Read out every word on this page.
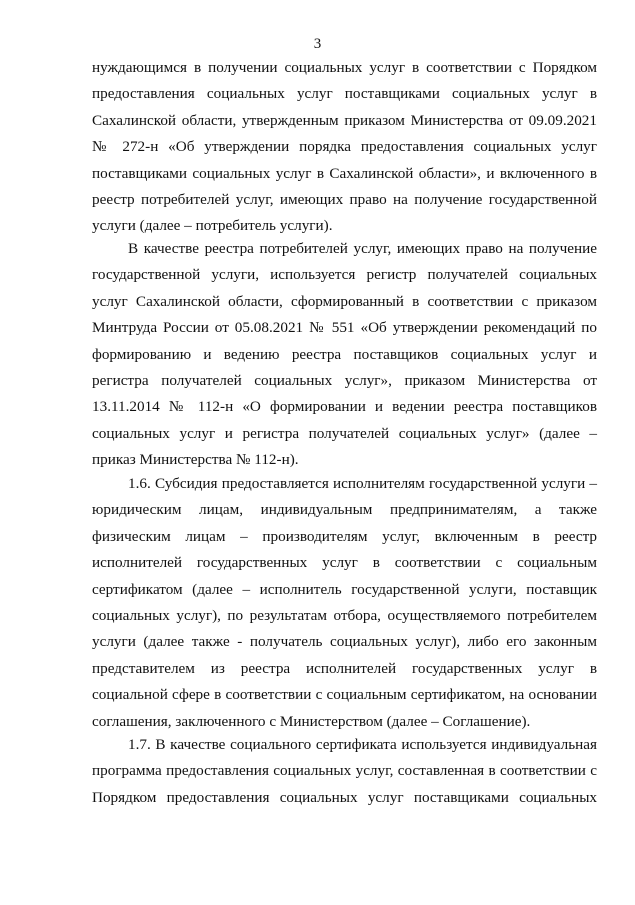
3

нуждающимся в получении социальных услуг в соответствии с Порядком предоставления социальных услуг поставщиками социальных услуг в Сахалинской области, утвержденным приказом Министерства от 09.09.2021 № 272-н «Об утверждении порядка предоставления социальных услуг поставщиками социальных услуг в Сахалинской области», и включенного в реестр потребителей услуг, имеющих право на получение государственной услуги (далее – потребитель услуги).

В качестве реестра потребителей услуг, имеющих право на получение государственной услуги, используется регистр получателей социальных услуг Сахалинской области, сформированный в соответствии с приказом Минтруда России от 05.08.2021 № 551 «Об утверждении рекомендаций по формированию и ведению реестра поставщиков социальных услуг и регистра получателей социальных услуг», приказом Министерства от 13.11.2014 № 112-н «О формировании и ведении реестра поставщиков социальных услуг и регистра получателей социальных услуг» (далее – приказ Министерства № 112-н).

1.6. Субсидия предоставляется исполнителям государственной услуги – юридическим лицам, индивидуальным предпринимателям, а также физическим лицам – производителям услуг, включенным в реестр исполнителей государственных услуг в соответствии с социальным сертификатом (далее – исполнитель государственной услуги, поставщик социальных услуг), по результатам отбора, осуществляемого потребителем услуги (далее также - получатель социальных услуг), либо его законным представителем из реестра исполнителей государственных услуг в социальной сфере в соответствии с социальным сертификатом, на основании соглашения, заключенного с Министерством (далее – Соглашение).

1.7. В качестве социального сертификата используется индивидуальная программа предоставления социальных услуг, составленная в соответствии с Порядком предоставления социальных услуг поставщиками социальных
